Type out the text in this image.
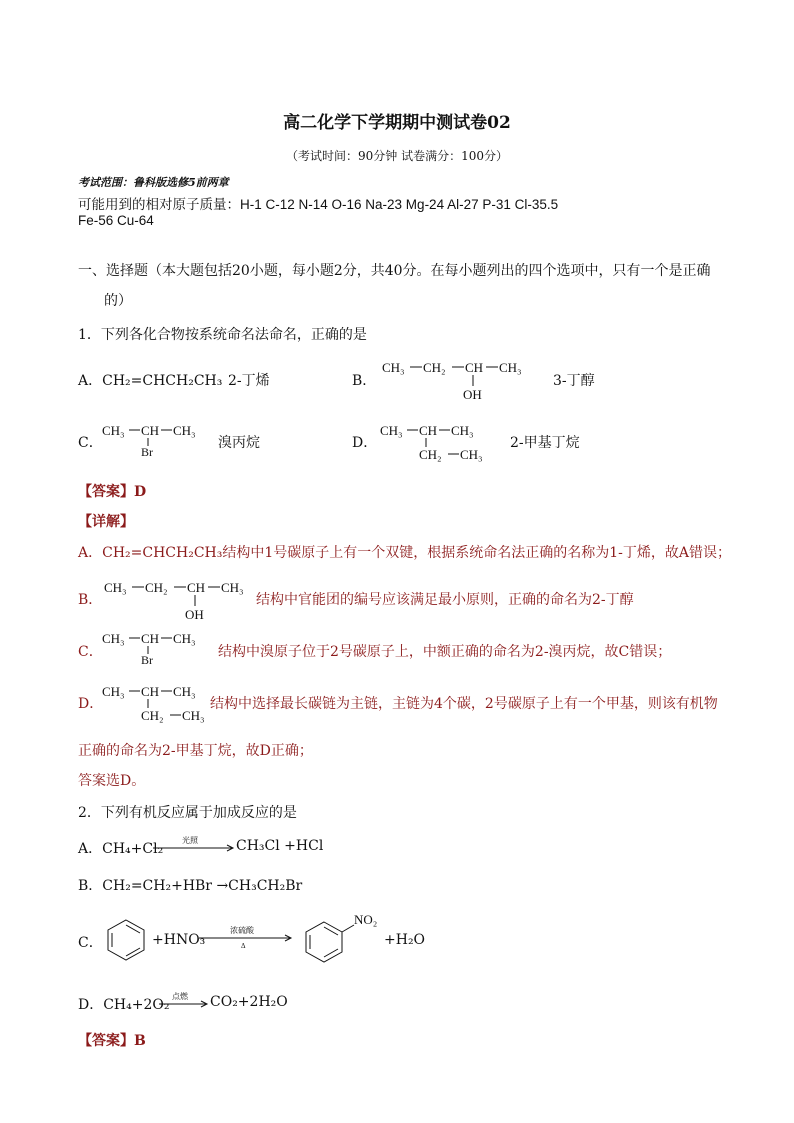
高二化学下学期期中测试卷02
（考试时间：90分钟 试卷满分：100分）
考试范围：鲁科版选修5前两章
可能用到的相对原子质量：H-1 C-12 N-14 O-16 Na-23 Mg-24 Al-27 P-31 Cl-35.5
Fe-56 Cu-64
一、选择题（本大题包括20小题，每小题2分，共40分。在每小题列出的四个选项中，只有一个是正确
的）
1．下列各化合物按系统命名法命名，正确的是
A．CH₂=CHCH₂CH₃ 2-丁烯	B．
CH₃ CH₂ CH CH₃
OH
3-丁醇
C．
CH₃ CH CH₃
Br
溴丙烷	D．
CH₃ CH CH₃
CH₂ CH₃
2-甲基丁烷
【答案】D
【详解】
A．CH₂=CHCH₂CH₃结构中1号碳原子上有一个双键，根据系统命名法正确的名称为1-丁烯，故A错误；
B．
CH₃ CH₂ CH CH₃
OH
结构中官能团的编号应该满足最小原则，正确的命名为2-丁醇
C．
CH₃ CH CH₃
Br	结构中溴原子位于2号碳原子上，中额正确的命名为2-溴丙烷，故C错误；
D．
CH₃ CH CH₃
CH₂ CH₃
结构中选择最长碳链为主链，主链为4个碳，2号碳原子上有一个甲基，则该有机物
正确的命名为2-甲基丁烷，故D正确；
答案选D。
2．下列有机反应属于加成反应的是
A．CH₄+Cl₂
光照	CH₃Cl +HCl
B．CH₂=CH₂+HBr →CH₃CH₂Br
C．	+HNO₃
浓硫酸
Δ
NO₂
+H₂O
D．CH₄+2O₂
点燃 CO₂+2H₂O
【答案】B
